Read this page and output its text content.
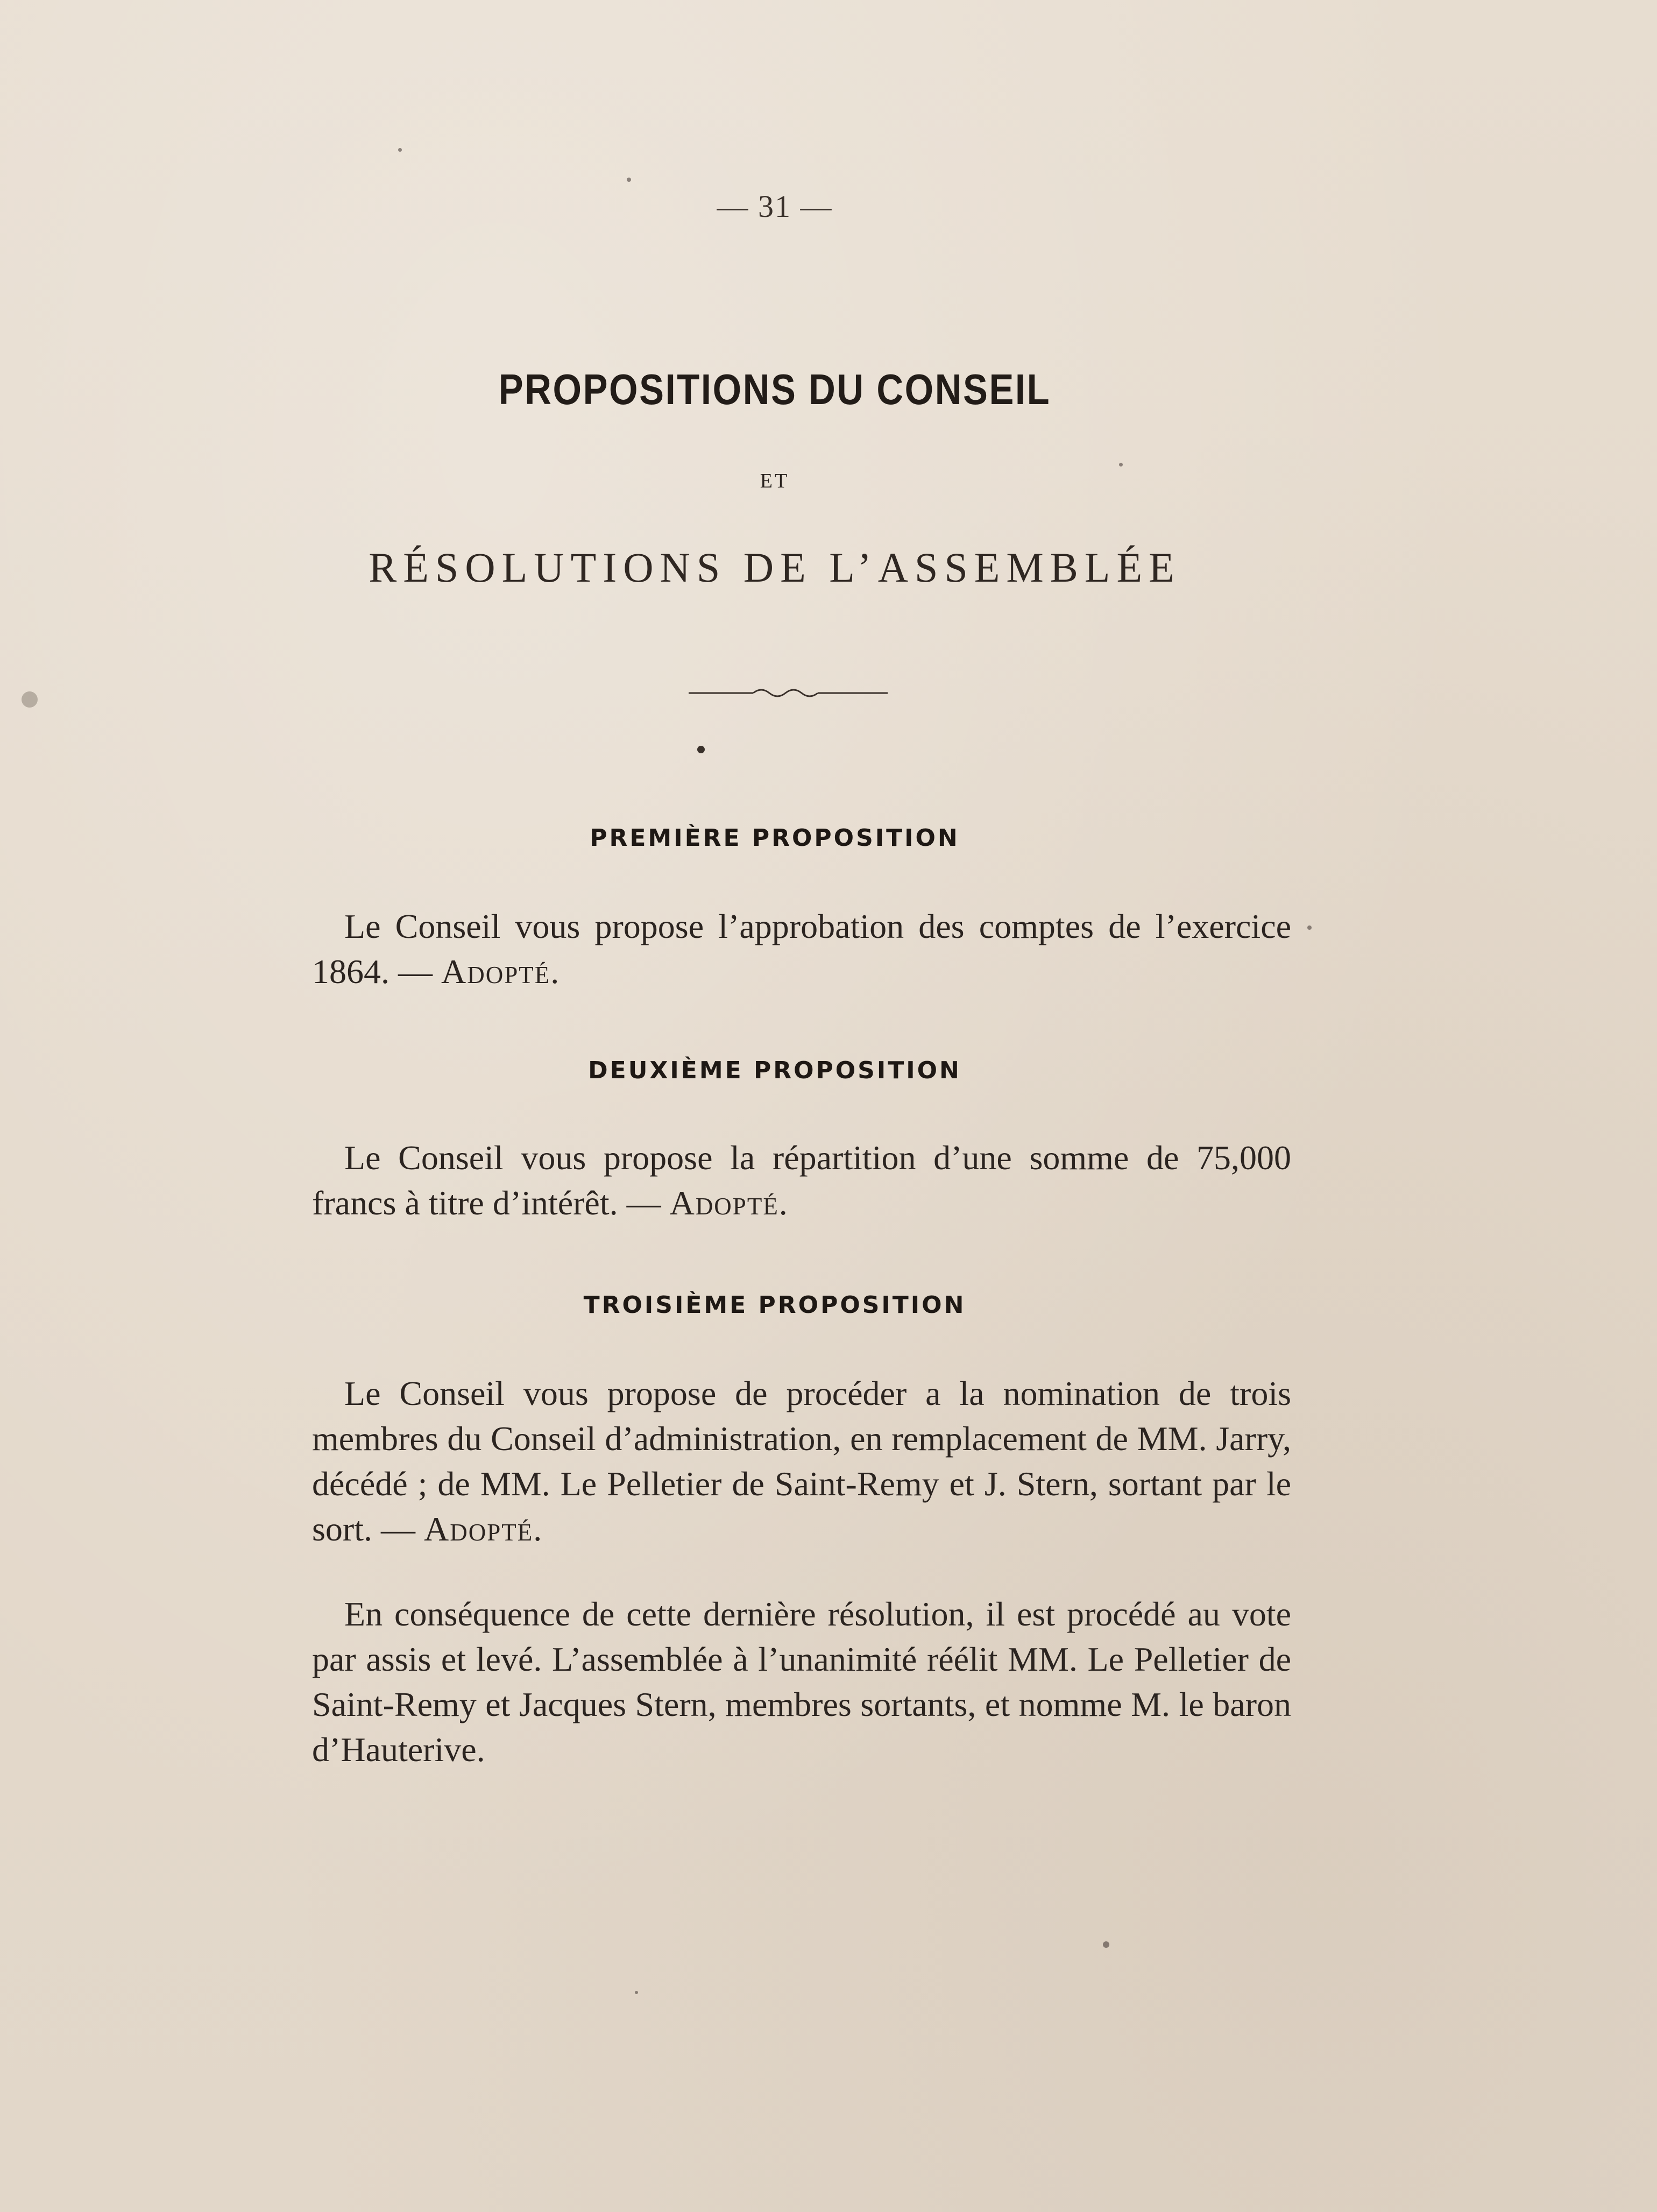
— 31 —
PROPOSITIONS DU CONSEIL
ET
RÉSOLUTIONS DE L’ASSEMBLÉE
PREMIÈRE PROPOSITION
Le Conseil vous propose l’approbation des comptes de l’exercice 1864. — Adopté.
DEUXIÈME PROPOSITION
Le Conseil vous propose la répartition d’une somme de 75,000 francs à titre d’intérêt. — Adopté.
TROISIÈME PROPOSITION
Le Conseil vous propose de procéder a la nomination de trois membres du Conseil d’administration, en remplacement de MM. Jarry, décédé ; de MM. Le Pelletier de Saint-Remy et J. Stern, sortant par le sort. — Adopté.
En conséquence de cette dernière résolution, il est procédé au vote par assis et levé. L’assemblée à l’unanimité réélit MM. Le Pelletier de Saint-Remy et Jacques Stern, membres sortants, et nomme M. le baron d’Hauterive.
